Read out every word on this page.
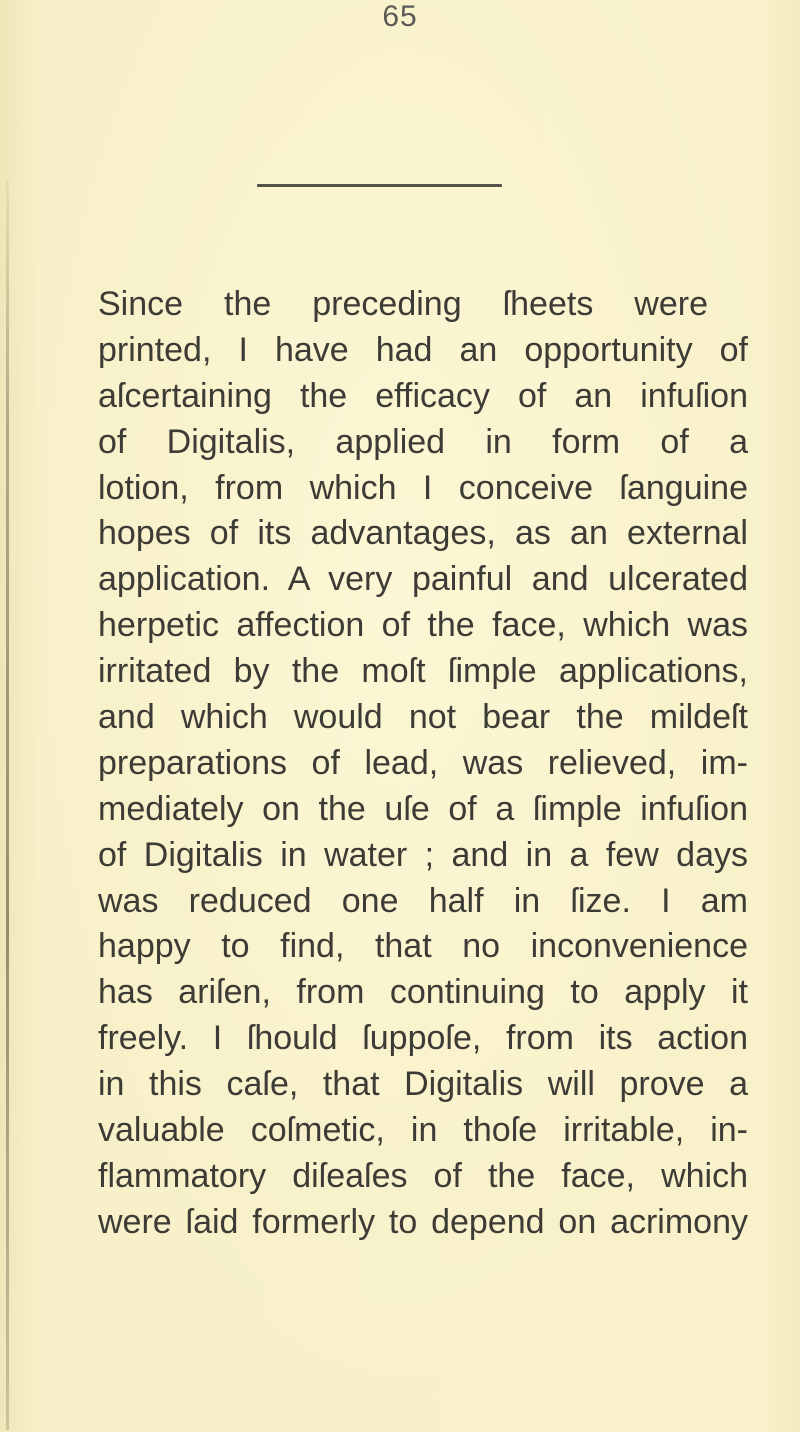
65
Since the preceding ſheets were
printed, I have had an opportunity of
aſcertaining the efficacy of an infuſion
of Digitalis, applied in form of a
lotion, from which I conceive ſanguine
hopes of its advantages, as an external
application. A very painful and ulcerated
herpetic affection of the face, which was
irritated by the moſt ſimple applications,
and which would not bear the mildeſt
preparations of lead, was relieved, im-
mediately on the uſe of a ſimple infuſion
of Digitalis in water ; and in a few days
was reduced one half in ſize. I am
happy to find, that no inconvenience
has ariſen, from continuing to apply it
freely. I ſhould ſuppoſe, from its action
in this caſe, that Digitalis will prove a
valuable coſmetic, in thoſe irritable, in-
flammatory diſeaſes of the face, which
were ſaid formerly to depend on acrimony
